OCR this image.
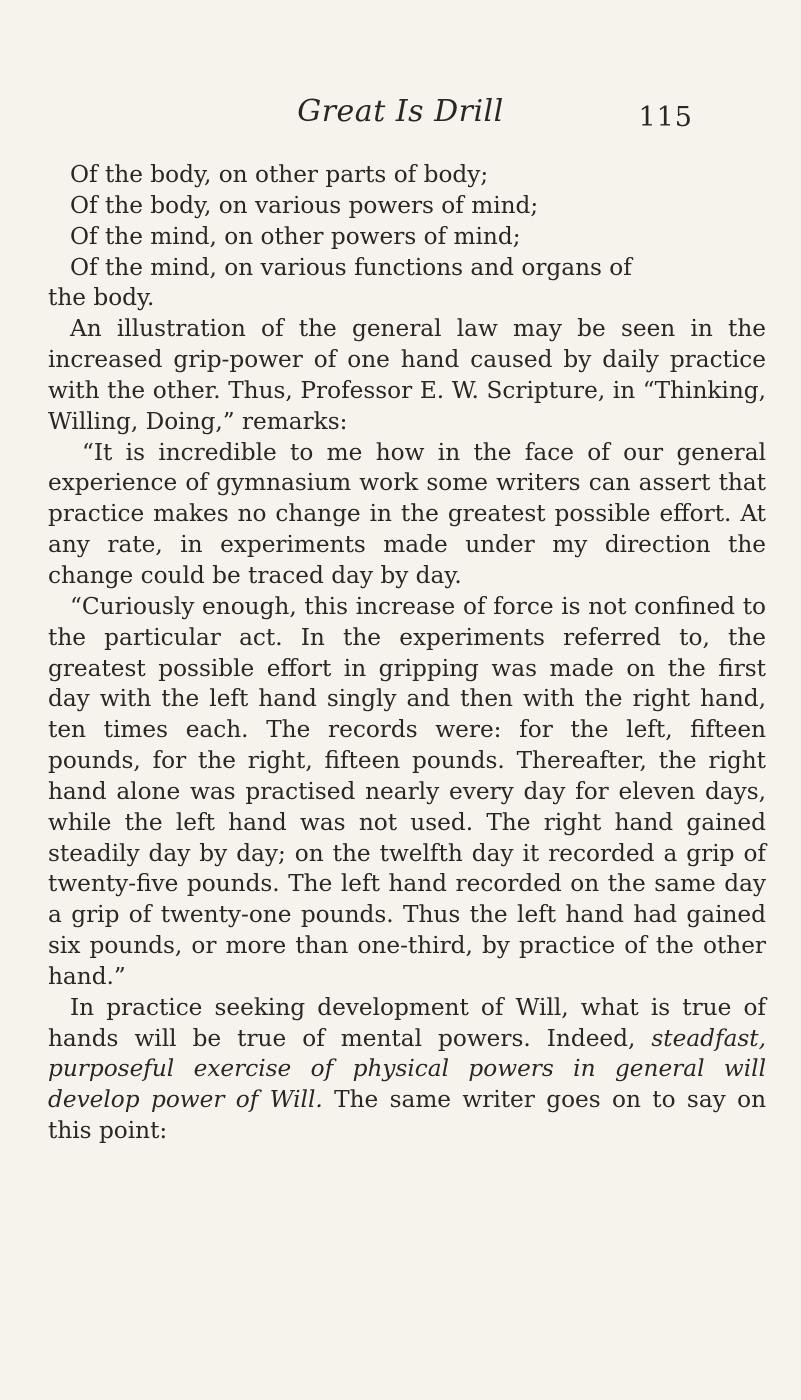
Great Is Drill	115
Of the body, on other parts of body;
Of the body, on various powers of mind;
Of the mind, on other powers of mind;
Of the mind, on various functions and organs of
the body.

An illustration of the general law may be seen in the increased grip-power of one hand caused by daily practice with the other. Thus, Professor E. W. Scripture, in “Thinking, Willing, Doing,” remarks:

“It is incredible to me how in the face of our general experience of gymnasium work some writers can assert that practice makes no change in the greatest possible effort. At any rate, in experiments made under my direction the change could be traced day by day.

“Curiously enough, this increase of force is not confined to the particular act. In the experiments referred to, the greatest possible effort in gripping was made on the first day with the left hand singly and then with the right hand, ten times each. The records were: for the left, fifteen pounds, for the right, fifteen pounds. Thereafter, the right hand alone was practised nearly every day for eleven days, while the left hand was not used. The right hand gained steadily day by day; on the twelfth day it recorded a grip of twenty-five pounds. The left hand recorded on the same day a grip of twenty-one pounds. Thus the left hand had gained six pounds, or more than one-third, by practice of the other hand.”

In practice seeking development of Will, what is true of hands will be true of mental powers. Indeed, steadfast, purposeful exercise of physical powers in general will develop power of Will. The same writer goes on to say on this point:
